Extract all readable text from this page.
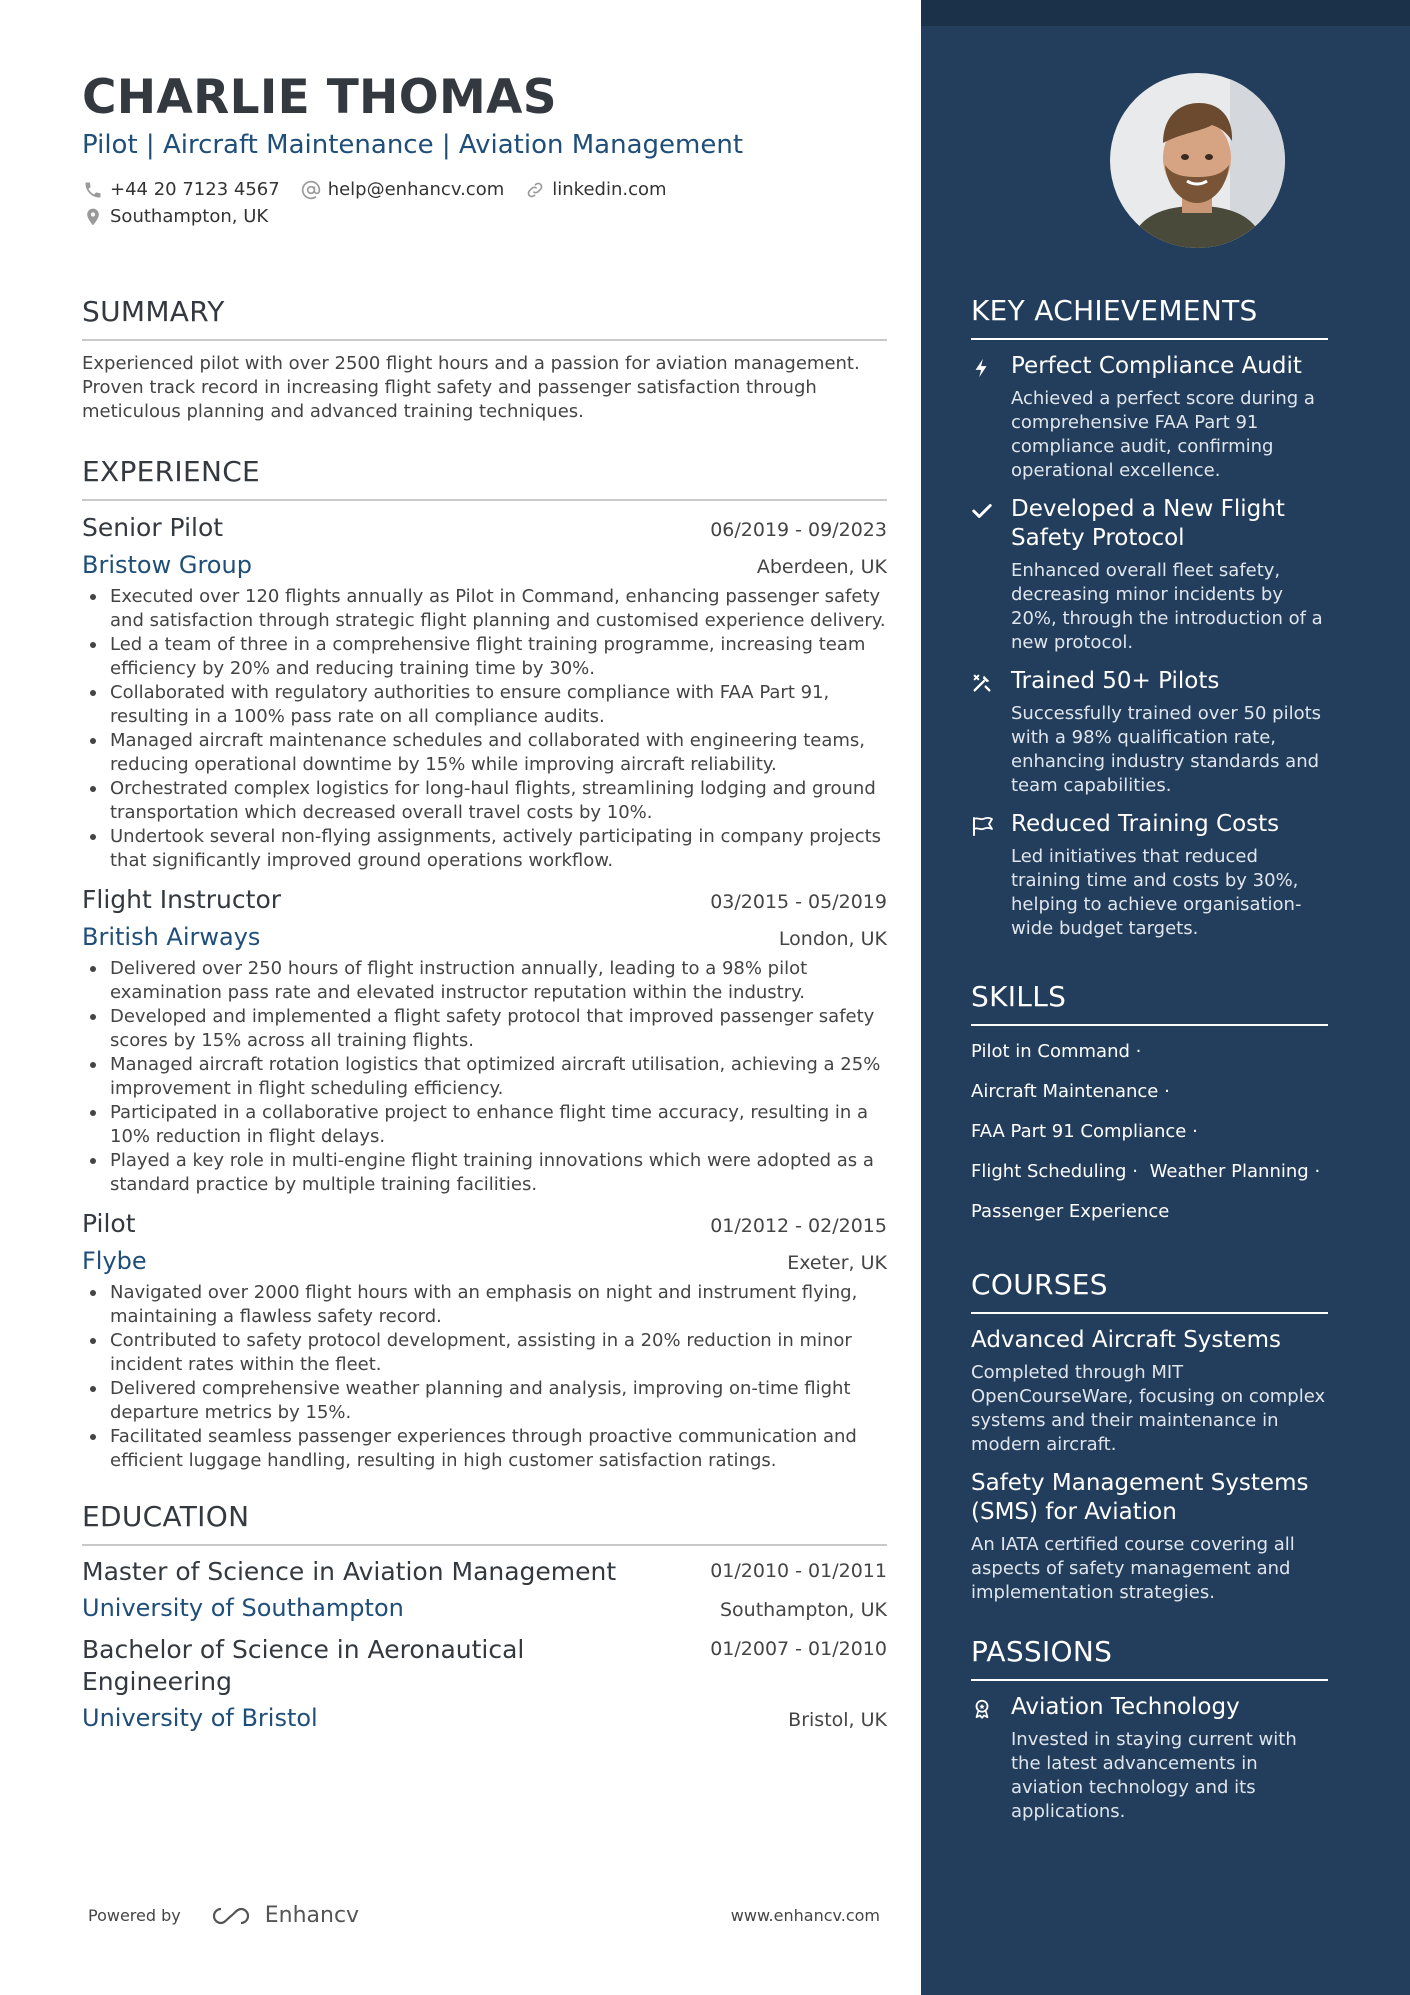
CHARLIE THOMAS
Pilot | Aircraft Maintenance | Aviation Management
+44 20 7123 4567	help@enhancv.com	linkedin.com
Southampton, UK
SUMMARY
Experienced pilot with over 2500 flight hours and a passion for aviation management. Proven track record in increasing flight safety and passenger satisfaction through meticulous planning and advanced training techniques.
EXPERIENCE
Senior Pilot	06/2019 - 09/2023
Bristow Group	Aberdeen, UK
Executed over 120 flights annually as Pilot in Command, enhancing passenger safety and satisfaction through strategic flight planning and customised experience delivery.
Led a team of three in a comprehensive flight training programme, increasing team efficiency by 20% and reducing training time by 30%.
Collaborated with regulatory authorities to ensure compliance with FAA Part 91, resulting in a 100% pass rate on all compliance audits.
Managed aircraft maintenance schedules and collaborated with engineering teams, reducing operational downtime by 15% while improving aircraft reliability.
Orchestrated complex logistics for long-haul flights, streamlining lodging and ground transportation which decreased overall travel costs by 10%.
Undertook several non-flying assignments, actively participating in company projects that significantly improved ground operations workflow.
Flight Instructor	03/2015 - 05/2019
British Airways	London, UK
Delivered over 250 hours of flight instruction annually, leading to a 98% pilot examination pass rate and elevated instructor reputation within the industry.
Developed and implemented a flight safety protocol that improved passenger safety scores by 15% across all training flights.
Managed aircraft rotation logistics that optimized aircraft utilisation, achieving a 25% improvement in flight scheduling efficiency.
Participated in a collaborative project to enhance flight time accuracy, resulting in a 10% reduction in flight delays.
Played a key role in multi-engine flight training innovations which were adopted as a standard practice by multiple training facilities.
Pilot	01/2012 - 02/2015
Flybe	Exeter, UK
Navigated over 2000 flight hours with an emphasis on night and instrument flying, maintaining a flawless safety record.
Contributed to safety protocol development, assisting in a 20% reduction in minor incident rates within the fleet.
Delivered comprehensive weather planning and analysis, improving on-time flight departure metrics by 15%.
Facilitated seamless passenger experiences through proactive communication and efficient luggage handling, resulting in high customer satisfaction ratings.
EDUCATION
Master of Science in Aviation Management	01/2010 - 01/2011
University of Southampton	Southampton, UK
Bachelor of Science in Aeronautical Engineering
01/2007 - 01/2010
University of Bristol	Bristol, UK
Powered by	Enhancv	www.enhancv.com
KEY ACHIEVEMENTS
Perfect Compliance Audit
Achieved a perfect score during a comprehensive FAA Part 91 compliance audit, confirming operational excellence.
Developed a New Flight Safety Protocol
Enhanced overall fleet safety, decreasing minor incidents by 20%, through the introduction of a new protocol.
Trained 50+ Pilots
Successfully trained over 50 pilots with a 98% qualification rate, enhancing industry standards and team capabilities.
Reduced Training Costs
Led initiatives that reduced training time and costs by 30%, helping to achieve organisation-wide budget targets.
SKILLS
Pilot in Command ·
Aircraft Maintenance ·
FAA Part 91 Compliance ·
Flight Scheduling · Weather Planning ·
Passenger Experience
COURSES
Advanced Aircraft Systems
Completed through MIT OpenCourseWare, focusing on complex systems and their maintenance in modern aircraft.
Safety Management Systems (SMS) for Aviation
An IATA certified course covering all aspects of safety management and implementation strategies.
PASSIONS
Aviation Technology
Invested in staying current with the latest advancements in aviation technology and its applications.
